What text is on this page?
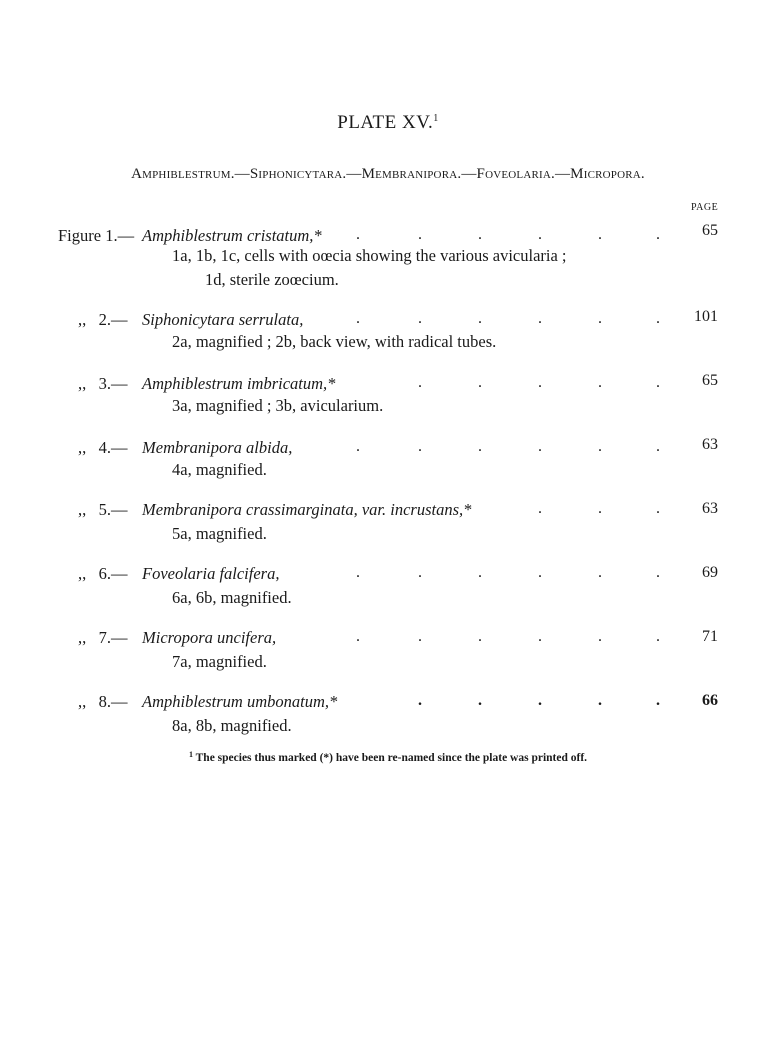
PLATE XV.$^1$
Amphiblestrum.—Siphonicytara.—Membranipora.—Foveolaria.—Micropora.
PAGE
Figure 1.— Amphiblestrum cristatum,* .	.	.	.	.	.	65
1a, 1b, 1c, cells with oœcia showing the various avicularia ;
1d, sterile zoœcium.
,,   2.— Siphonicytara serrulata,	.	.	.	.	.	.	101
2a, magnified ; 2b, back view, with radical tubes.
,,   3.— Amphiblestrum imbricatum,*	.	.	.	.	.	65
3a, magnified ; 3b, avicularium.
,,   4.— Membranipora albida,	.	.	.	.	.	.	63
4a, magnified.
,,   5.— Membranipora crassimarginata, var. incrustans,*	.	.	.	63
5a, magnified.
,,   6.— Foveolaria falcifera,	.	.	.	.	.	.	69
6a, 6b, magnified.
,,   7.— Micropora uncifera,	.	.	.	.	.	.	71
7a, magnified.
,,   8.— Amphiblestrum umbonatum,*	.	.	.	.	.	66
8a, 8b, magnified.
$^1$ The species thus marked (*) have been re-named since the plate was printed off.
